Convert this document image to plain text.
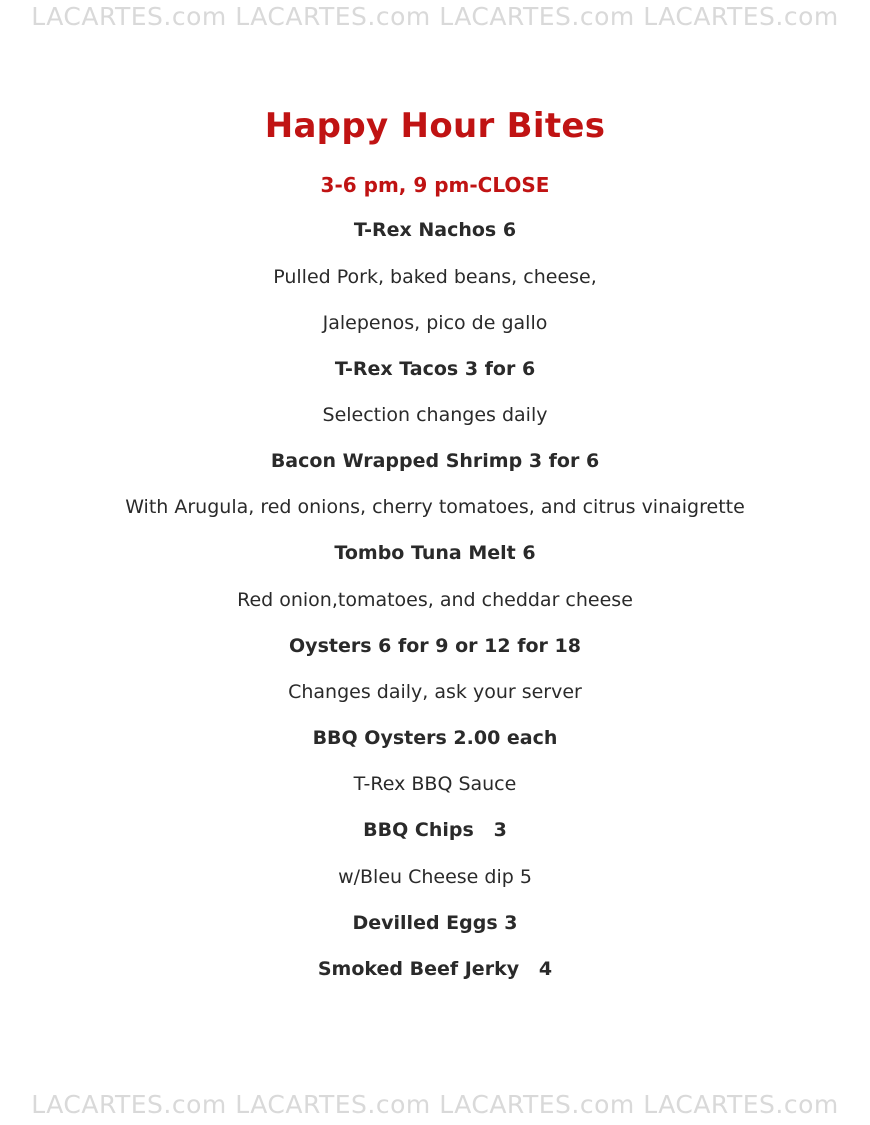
LACARTES.com LACARTES.com LACARTES.com LACARTES.com
Happy Hour Bites
3-6 pm, 9 pm-CLOSE
T-Rex Nachos 6
Pulled Pork, baked beans, cheese,
Jalepenos, pico de gallo
T-Rex Tacos 3 for 6
Selection changes daily
Bacon Wrapped Shrimp 3 for 6
With Arugula, red onions, cherry tomatoes, and citrus vinaigrette
Tombo Tuna Melt 6
Red onion,tomatoes, and cheddar cheese
Oysters 6 for 9 or 12 for 18
Changes daily, ask your server
BBQ Oysters 2.00 each
T-Rex BBQ Sauce
BBQ Chips   3
w/Bleu Cheese dip 5
Devilled Eggs 3
Smoked Beef Jerky   4
LACARTES.com LACARTES.com LACARTES.com LACARTES.com
